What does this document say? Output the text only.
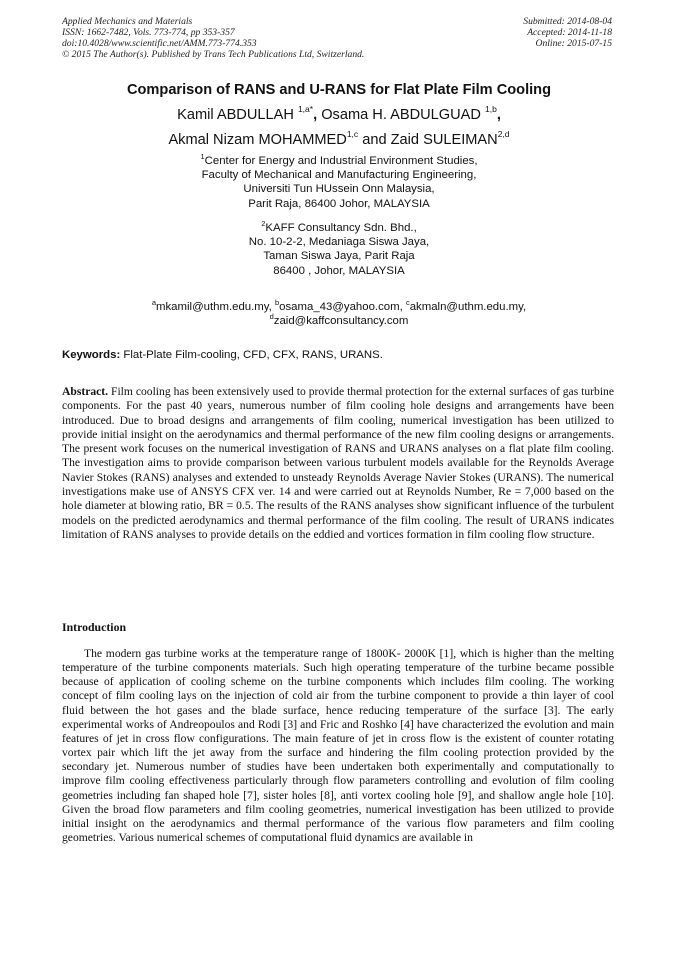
Applied Mechanics and Materials
ISSN: 1662-7482, Vols. 773-774, pp 353-357
doi:10.4028/www.scientific.net/AMM.773-774.353
© 2015 The Author(s). Published by Trans Tech Publications Ltd, Switzerland.
Submitted: 2014-08-04
Accepted: 2014-11-18
Online: 2015-07-15
Comparison of RANS and U-RANS for Flat Plate Film Cooling
Kamil ABDULLAH $^{1,a*}$, Osama H. ABDULGUAD $^{1,b}$,
Akmal Nizam MOHAMMED$^{1,c}$ and Zaid SULEIMAN$^{2,d}$
$^1$Center for Energy and Industrial Environment Studies,
Faculty of Mechanical and Manufacturing Engineering,
Universiti Tun HUssein Onn Malaysia,
Parit Raja, 86400 Johor, MALAYSIA
$^2$KAFF Consultancy Sdn. Bhd.,
No. 10-2-2, Medaniaga Siswa Jaya,
Taman Siswa Jaya, Parit Raja
86400 , Johor, MALAYSIA
$^a$mkamil@uthm.edu.my, $^b$osama_43@yahoo.com, $^c$akmaln@uthm.edu.my,
$^d$zaid@kaffconsultancy.com
Keywords: Flat-Plate Film-cooling, CFD, CFX, RANS, URANS.

Abstract. Film cooling has been extensively used to provide thermal protection for the external surfaces of gas turbine components. For the past 40 years, numerous number of film cooling hole designs and arrangements have been introduced. Due to broad designs and arrangements of film cooling, numerical investigation has been utilized to provide initial insight on the aerodynamics and thermal performance of the new film cooling designs or arrangements. The present work focuses on the numerical investigation of RANS and URANS analyses on a flat plate film cooling. The investigation aims to provide comparison between various turbulent models available for the Reynolds Average Navier Stokes (RANS) analyses and extended to unsteady Reynolds Average Navier Stokes (URANS). The numerical investigations make use of ANSYS CFX ver. 14 and were carried out at Reynolds Number, Re = 7,000 based on the hole diameter at blowing ratio, BR = 0.5. The results of the RANS analyses show significant influence of the turbulent models on the predicted aerodynamics and thermal performance of the film cooling. The result of URANS indicates limitation of RANS analyses to provide details on the eddied and vortices formation in film cooling flow structure.

Introduction

The modern gas turbine works at the temperature range of 1800K- 2000K [1], which is higher than the melting temperature of the turbine components materials. Such high operating temperature of the turbine became possible because of application of cooling scheme on the turbine components which includes film cooling. The working concept of film cooling lays on the injection of cold air from the turbine component to provide a thin layer of cool fluid between the hot gases and the blade surface, hence reducing temperature of the surface [3]. The early experimental works of Andreopoulos and Rodi [3] and Fric and Roshko [4] have characterized the evolution and main features of jet in cross flow configurations. The main feature of jet in cross flow is the existent of counter rotating vortex pair which lift the jet away from the surface and hindering the film cooling protection provided by the secondary jet. Numerous number of studies have been undertaken both experimentally and computationally to improve film cooling effectiveness particularly through flow parameters controlling and evolution of film cooling geometries including fan shaped hole [7], sister holes [8], anti vortex cooling hole [9], and shallow angle hole [10]. Given the broad flow parameters and film cooling geometries, numerical investigation has been utilized to provide initial insight on the aerodynamics and thermal performance of the various flow parameters and film cooling geometries. Various numerical schemes of computational fluid dynamics are available in
